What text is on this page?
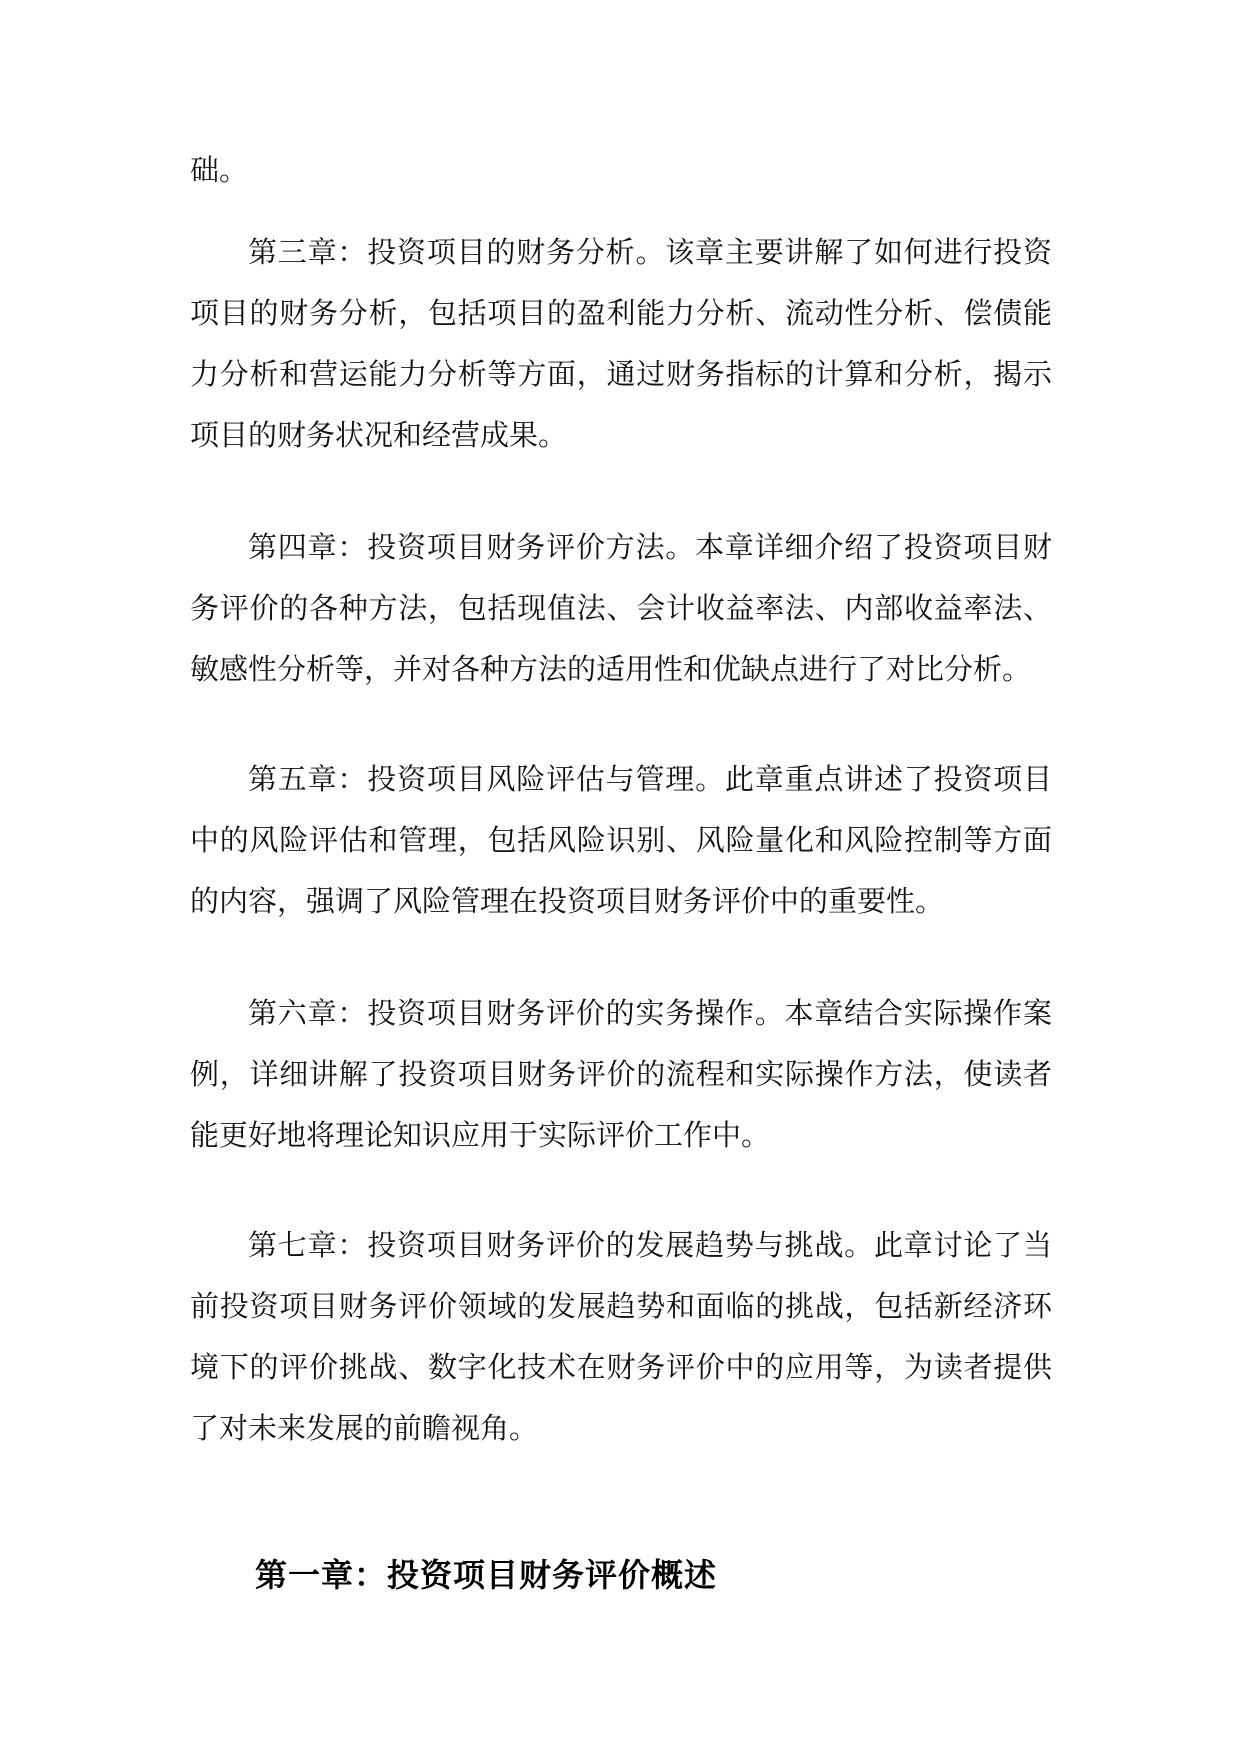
础。

第三章：投资项目的财务分析。该章主要讲解了如何进行投资项目的财务分析，包括项目的盈利能力分析、流动性分析、偿债能力分析和营运能力分析等方面，通过财务指标的计算和分析，揭示项目的财务状况和经营成果。

第四章：投资项目财务评价方法。本章详细介绍了投资项目财务评价的各种方法，包括现值法、会计收益率法、内部收益率法、敏感性分析等，并对各种方法的适用性和优缺点进行了对比分析。

第五章：投资项目风险评估与管理。此章重点讲述了投资项目中的风险评估和管理，包括风险识别、风险量化和风险控制等方面的内容，强调了风险管理在投资项目财务评价中的重要性。

第六章：投资项目财务评价的实务操作。本章结合实际操作案例，详细讲解了投资项目财务评价的流程和实际操作方法，使读者能更好地将理论知识应用于实际评价工作中。

第七章：投资项目财务评价的发展趋势与挑战。此章讨论了当前投资项目财务评价领域的发展趋势和面临的挑战，包括新经济环境下的评价挑战、数字化技术在财务评价中的应用等，为读者提供了对未来发展的前瞻视角。

第一章：投资项目财务评价概述
